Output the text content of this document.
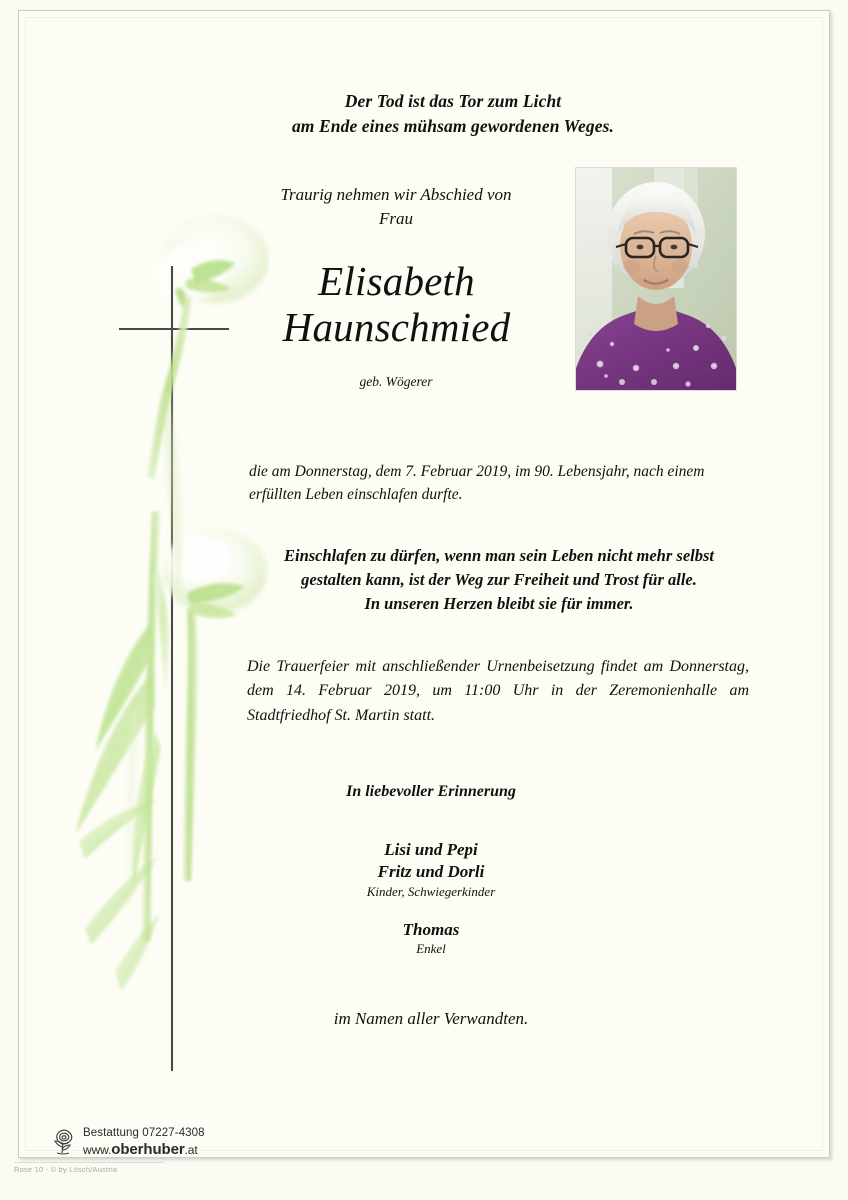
Der Tod ist das Tor zum Licht
am Ende eines mühsam gewordenen Weges.
Traurig nehmen wir Abschied von
Frau
Elisabeth
Haunschmied
geb. Wögerer
die am Donnerstag, dem 7. Februar 2019, im 90. Lebensjahr, nach einem erfüllten Leben einschlafen durfte.
Einschlafen zu dürfen, wenn man sein Leben nicht mehr selbst
gestalten kann, ist der Weg zur Freiheit und Trost für alle.
In unseren Herzen bleibt sie für immer.
Die Trauerfeier mit anschließender Urnenbeisetzung findet am Donnerstag, dem 14. Februar 2019, um 11:00 Uhr in der Zeremonienhalle am Stadtfriedhof St. Martin statt.
In liebevoller Erinnerung
Lisi und Pepi
Fritz und Dorli
Kinder, Schwiegerkinder
Thomas
Enkel
im Namen aller Verwandten.
Bestattung 07227-4308
www.oberhuber.at
Rose 10 - © by Lösch/Austria
